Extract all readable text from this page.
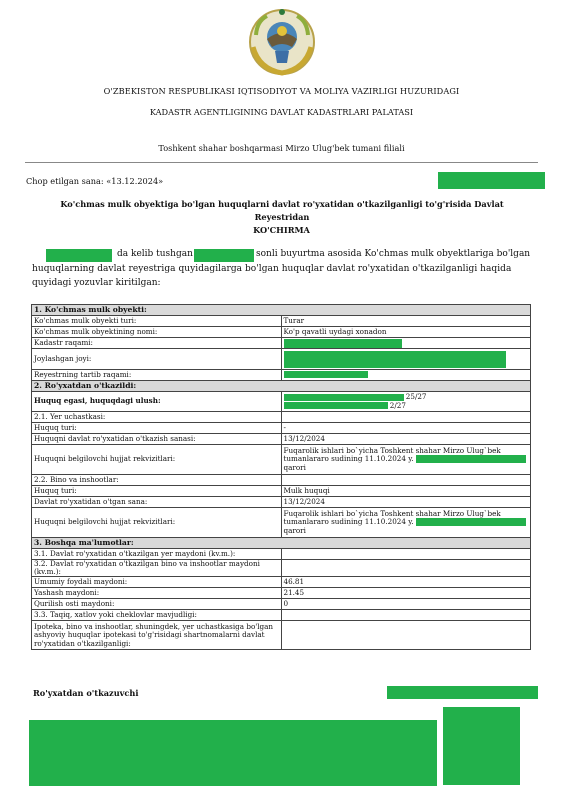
O'ZBEKISTON RESPUBLIKASI IQTISODIYOT VA MOLIYA VAZIRLIGI HUZURIDAGI
KADASTR AGENTLIGINING DAVLAT KADASTRLARI PALATASI
Toshkent shahar boshqarmasi Mirzo Ulug'bek tumani filiali
Chop etilgan sana: «13.12.2024»
Ko'chmas mulk obyektiga bo'lgan huquqlarni davlat ro'yxatidan o'tkazilganligi to'g'risida Davlat Reyestridan
KO'CHIRMA
da kelib tushgan	sonli buyurtma asosida Ko'chmas mulk obyektlariga bo'lgan
huquqlarning davlat reyestriga quyidagilarga bo'lgan huquqlar davlat ro'yxatidan o'tkazilganligi haqida
quyidagi yozuvlar kiritilgan:
1. Ko'chmas mulk obyekti:	
Ko'chmas mulk obyekti turi:	Turar
Ko'chmas mulk obyektining nomi:	Ko'p qavatli uydagi xonadon
Kadastr raqami:	
Joylashgan joyi:	
Reyestrning tartib raqami:	
2. Ro'yxatdan o'tkazildi:	
Huquq egasi, huquqdagi ulush:	25/27
2/27

2.1. Yer uchastkasi:	
Huquq turi:	-
Huquqni davlat ro'yxatidan o'tkazish sanasi:	13/12/2024
Huquqni belgilovchi hujjat rekvizitlari:	Fuqarolik ishlari bo`yicha Toshkent shahar Mirzo Ulug`bek
tumanlararo sudining 11.10.2024 y.
qarori

2.2. Bino va inshootlar:	
Huquq turi:	Mulk huquqi
Davlat ro'yxatidan o'tgan sana:	13/12/2024
Huquqni belgilovchi hujjat rekvizitlari:	Fuqarolik ishlari bo`yicha Toshkent shahar Mirzo Ulug`bek
tumanlararo sudining 11.10.2024 y.
qarori

3. Boshqa ma'lumotlar:	
3.1. Davlat ro'yxatidan o'tkazilgan yer maydoni (kv.m.):	
3.2. Davlat ro'yxatidan o'tkazilgan bino va inshootlar maydoni (kv.m.):	
Umumiy foydali maydoni:	46.81
Yashash maydoni:	21.45
Qurilish osti maydoni:	0
3.3. Taqiq, xatlov yoki cheklovlar mavjudligi:	

Ipoteka, bino va inshootlar, shuningdek, yer uchastkasiga bo'lgan
ashyoviy huquqlar ipotekasi to'g'risidagi shartnomalarni davlat
ro'yxatidan o'tkazilganligi:	

Ro'yxatdan o'tkazuvchi
